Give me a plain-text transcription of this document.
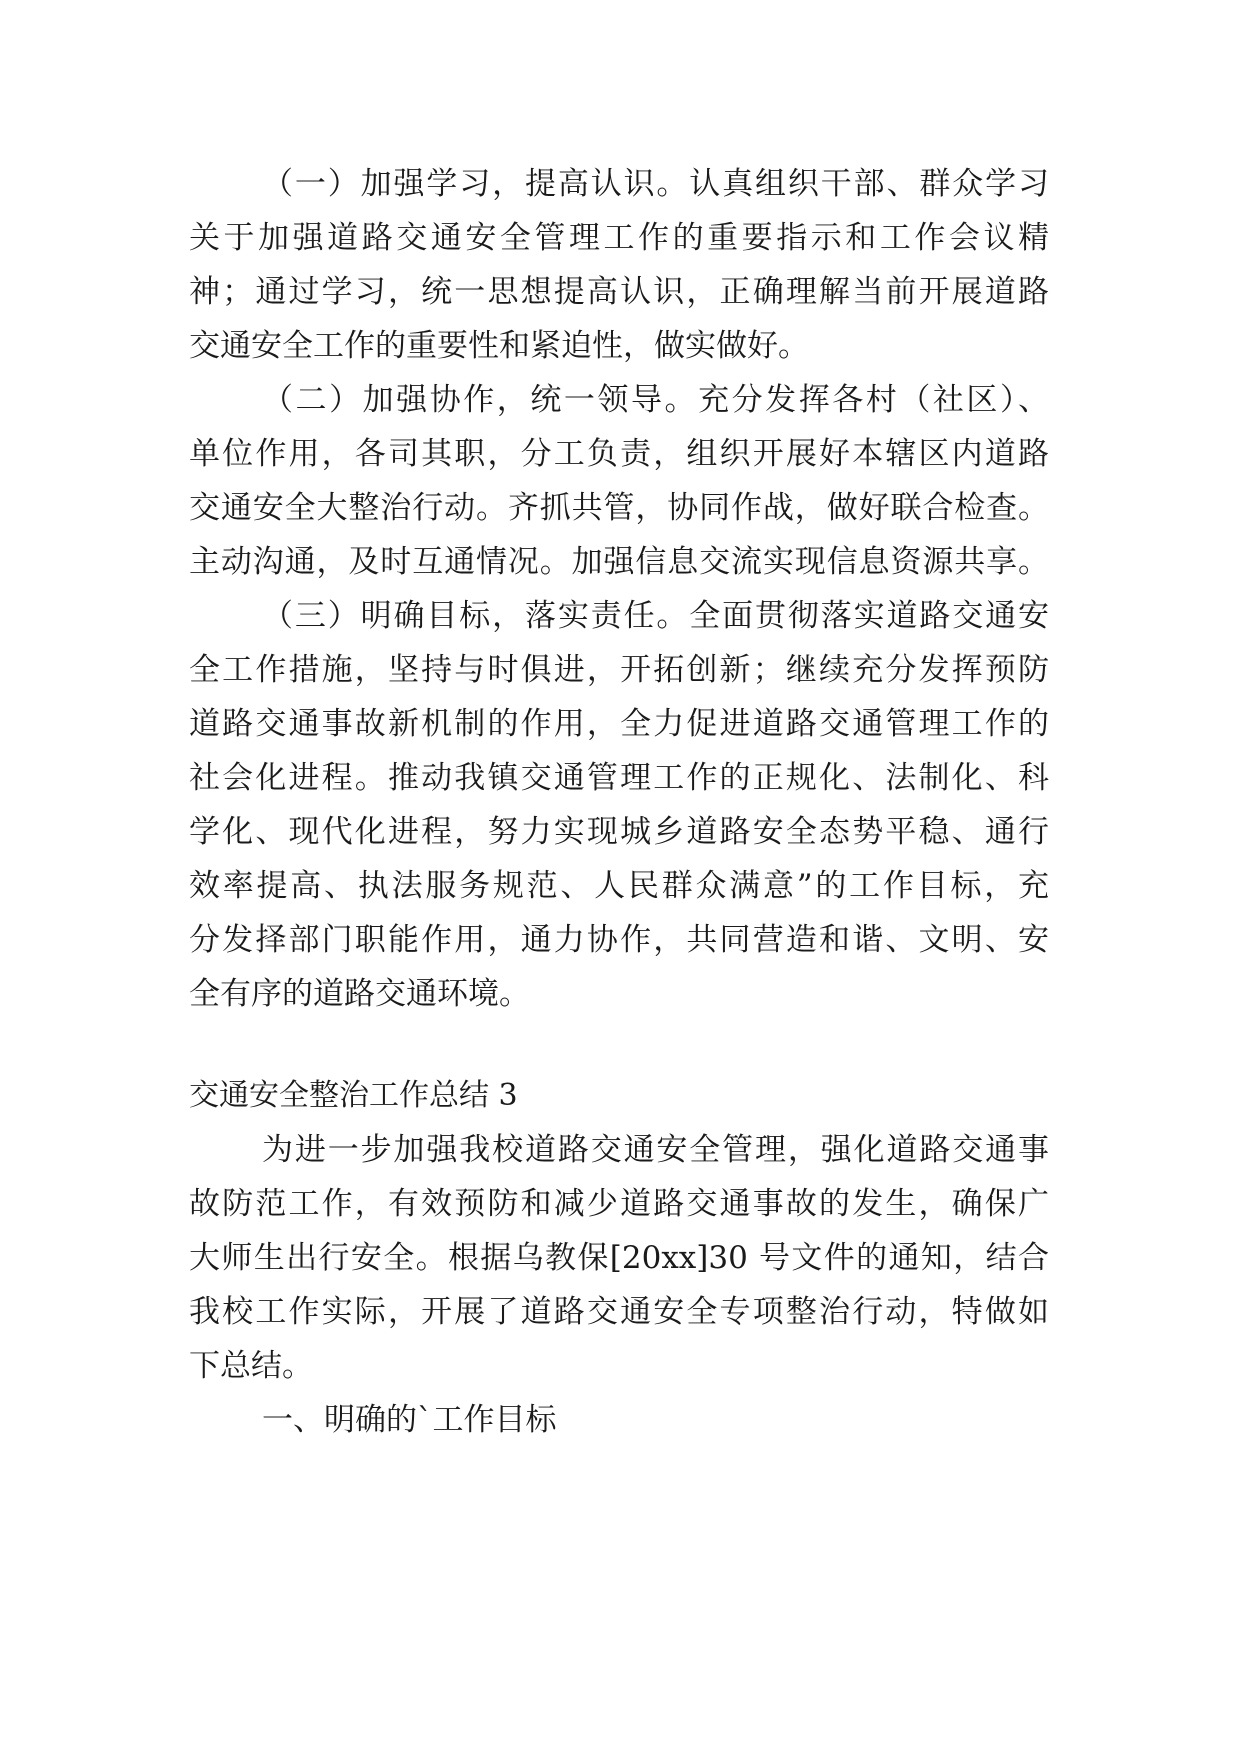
（一）加强学习，提高认识。认真组织干部、群众学习
关于加强道路交通安全管理工作的重要指示和工作会议精
神；通过学习，统一思想提高认识，正确理解当前开展道路
交通安全工作的重要性和紧迫性，做实做好。
（二）加强协作，统一领导。充分发挥各村（社区）、
单位作用，各司其职，分工负责，组织开展好本辖区内道路
交通安全大整治行动。齐抓共管，协同作战，做好联合检查。
主动沟通，及时互通情况。加强信息交流实现信息资源共享。
（三）明确目标，落实责任。全面贯彻落实道路交通安
全工作措施，坚持与时俱进，开拓创新；继续充分发挥预防
道路交通事故新机制的作用，全力促进道路交通管理工作的
社会化进程。推动我镇交通管理工作的正规化、法制化、科
学化、现代化进程，努力实现城乡道路安全态势平稳、通行
效率提高、执法服务规范、人民群众满意”的工作目标，充
分发择部门职能作用，通力协作，共同营造和谐、文明、安
全有序的道路交通环境。
交通安全整治工作总结 3
为进一步加强我校道路交通安全管理，强化道路交通事
故防范工作，有效预防和减少道路交通事故的发生，确保广
大师生出行安全。根据乌教保[20xx]30 号文件的通知，结合
我校工作实际，开展了道路交通安全专项整治行动，特做如
下总结。
一、明确的`工作目标
